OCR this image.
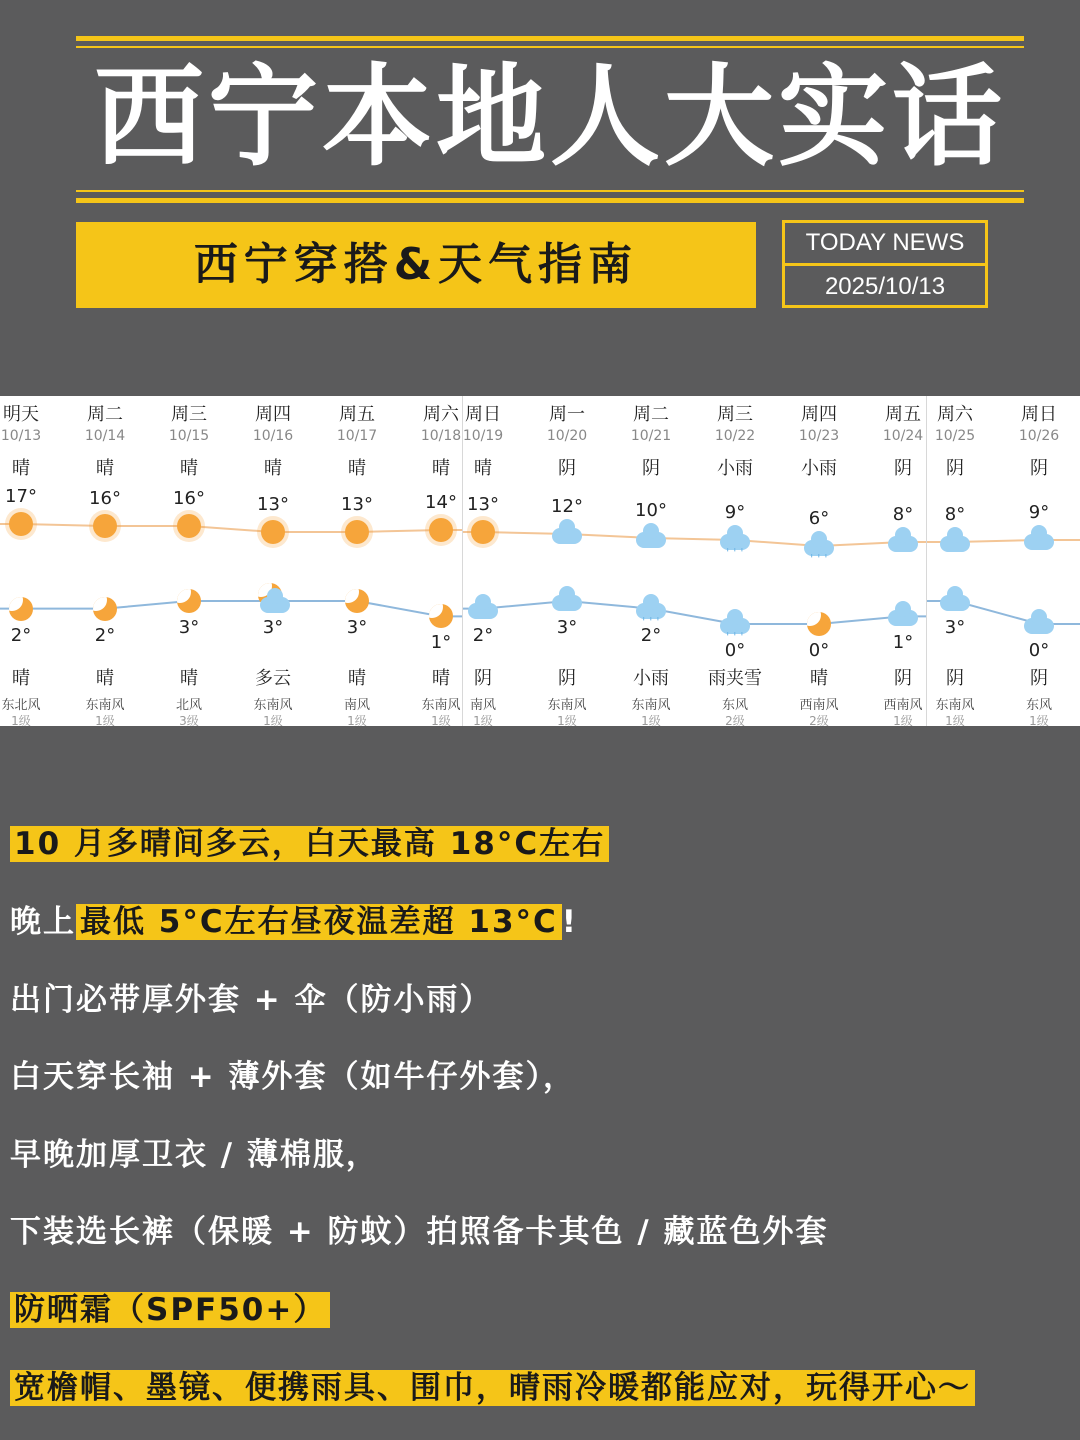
西宁本地人大实话
西宁穿搭&天气指南	TODAY NEWS
2025/10/13
明天
10/13
晴
晴
东北风
1级
17°
2°
周二
10/14
晴
晴
东南风
1级
16°
2°
周三
10/15
晴
晴
北风
3级
16°
3°
周四
10/16
晴
多云
东南风
1级
13°
3°
周五
10/17
晴
晴
南风
1级
13°
3°
周六
10/18
晴
晴
东南风
1级
14°
1°
周日
10/19
晴
阴
南风
1级
13°
2°
周一
10/20
阴
阴
东南风
1级
12°
3°
周二
10/21
阴
小雨
东南风
1级
10°
2°
' ' '
周三
10/22
小雨
雨夹雪
东风
2级
9°
0°
' ' '
' ' '
周四
10/23
小雨
晴
西南风
2级
6°
0°
' ' '
周五
10/24
阴
阴
西南风
1级
8°
1°
周六
10/25
阴
阴
东南风
1级
8°
3°
周日
10/26
阴
阴
东风
1级
9°
0°
10 月多晴间多云，白天最高 18°C左右
晚上 最低 5°C左右昼夜温差超 13°C !
出门必带厚外套 + 伞（防小雨）
白天穿长袖 + 薄外套（如牛仔外套），
早晚加厚卫衣 / 薄棉服，
下装选长裤（保暖 + 防蚊）拍照备卡其色 / 藏蓝色外套
防晒霜（SPF50+）
宽檐帽、墨镜、便携雨具、围巾，晴雨冷暖都能应对，玩得开心～
